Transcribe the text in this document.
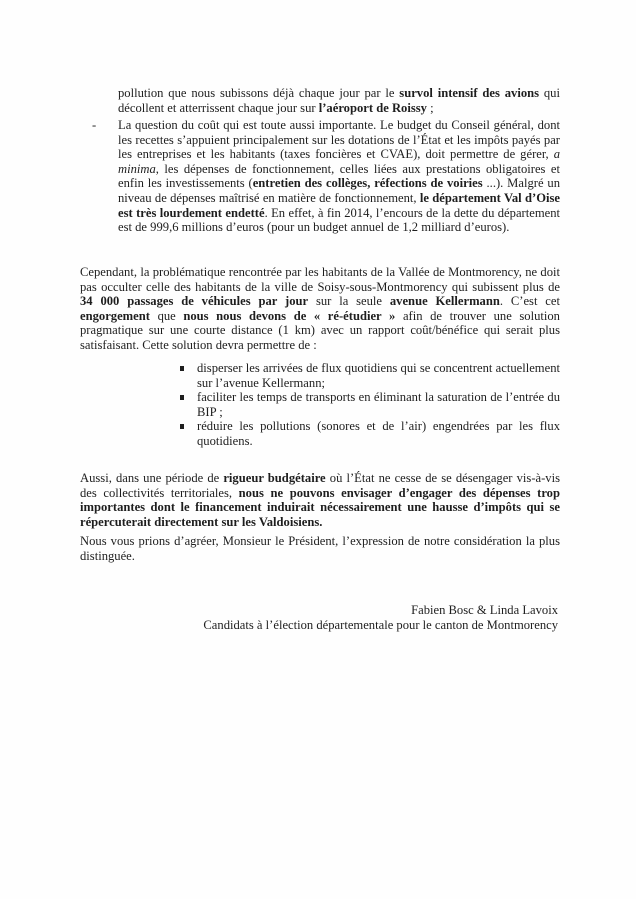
pollution que nous subissons déjà chaque jour par le survol intensif des avions qui décollent et atterrissent chaque jour sur l’aéroport de Roissy ;
- La question du coût qui est toute aussi importante. Le budget du Conseil général, dont les recettes s’appuient principalement sur les dotations de l’État et les impôts payés par les entreprises et les habitants (taxes foncières et CVAE), doit permettre de gérer, a minima, les dépenses de fonctionnement, celles liées aux prestations obligatoires et enfin les investissements (entretien des collèges, réfections de voiries ...). Malgré un niveau de dépenses maîtrisé en matière de fonctionnement, le département Val d’Oise est très lourdement endetté. En effet, à fin 2014, l’encours de la dette du département est de 999,6 millions d’euros (pour un budget annuel de 1,2 milliard d’euros).
Cependant, la problématique rencontrée par les habitants de la Vallée de Montmorency, ne doit pas occulter celle des habitants de la ville de Soisy-sous-Montmorency qui subissent plus de 34 000 passages de véhicules par jour sur la seule avenue Kellermann. C’est cet engorgement que nous nous devons de « ré-étudier » afin de trouver une solution pragmatique sur une courte distance (1 km) avec un rapport coût/bénéfice qui serait plus satisfaisant. Cette solution devra permettre de :
disperser les arrivées de flux quotidiens qui se concentrent actuellement sur l’avenue Kellermann;
faciliter les temps de transports en éliminant la saturation de l’entrée du BIP ;
réduire les pollutions (sonores et de l’air) engendrées par les flux quotidiens.
Aussi, dans une période de rigueur budgétaire où l’État ne cesse de se désengager vis-à-vis des collectivités territoriales, nous ne pouvons envisager d’engager des dépenses trop importantes dont le financement induirait nécessairement une hausse d’impôts qui se répercuterait directement sur les Valdoisiens.
Nous vous prions d’agréer, Monsieur le Président, l’expression de notre considération la plus distinguée.
Fabien Bosc & Linda Lavoix
Candidats à l’élection départementale pour le canton de Montmorency
